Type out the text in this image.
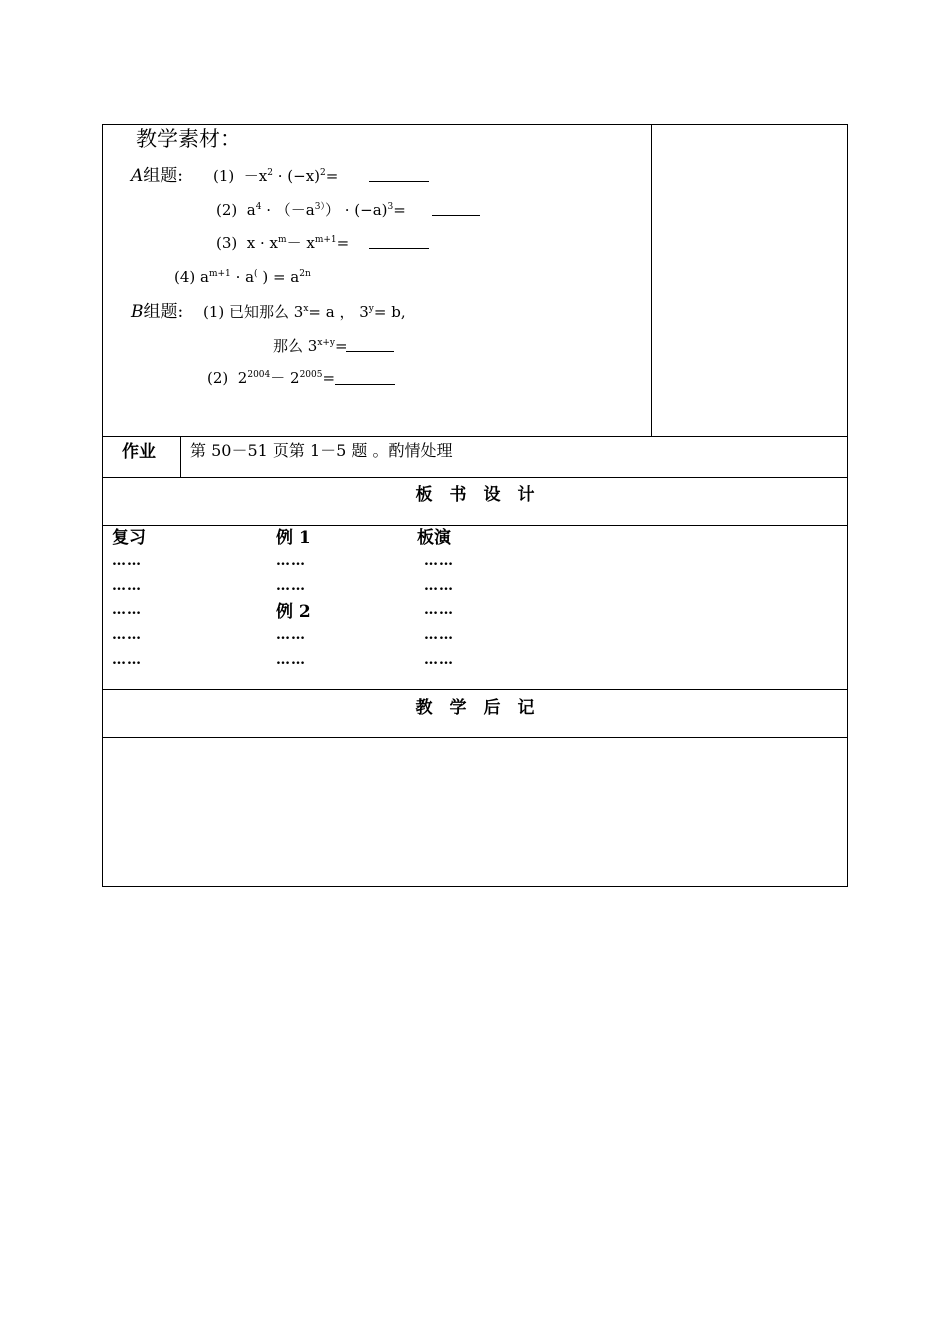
教学素材：
A组题: $(1) -x^2 \cdot (-x)^2=$
(2) $a^4 \cdot (-a^{3)}) \cdot (-a)^3=$
(3) $x \cdot x^m- x^{m+1}=$
(4) $a^{m+1} \cdot a^($ ) = $a^{2n}$
B组题: (1) 已知那么 $3^x= a$ ， $3^y= b$,
那么 $3^{x+y}=$
(2) $2^{2004}- 2^{2005}=$
作业 第 50－51 页第 1－5 题 。酌情处理
板　书　设　计
复习	例 1	板演
……
……
……
……
……
……
……
例 2
……
……
……
……
……
……
……
教　学　后　记
